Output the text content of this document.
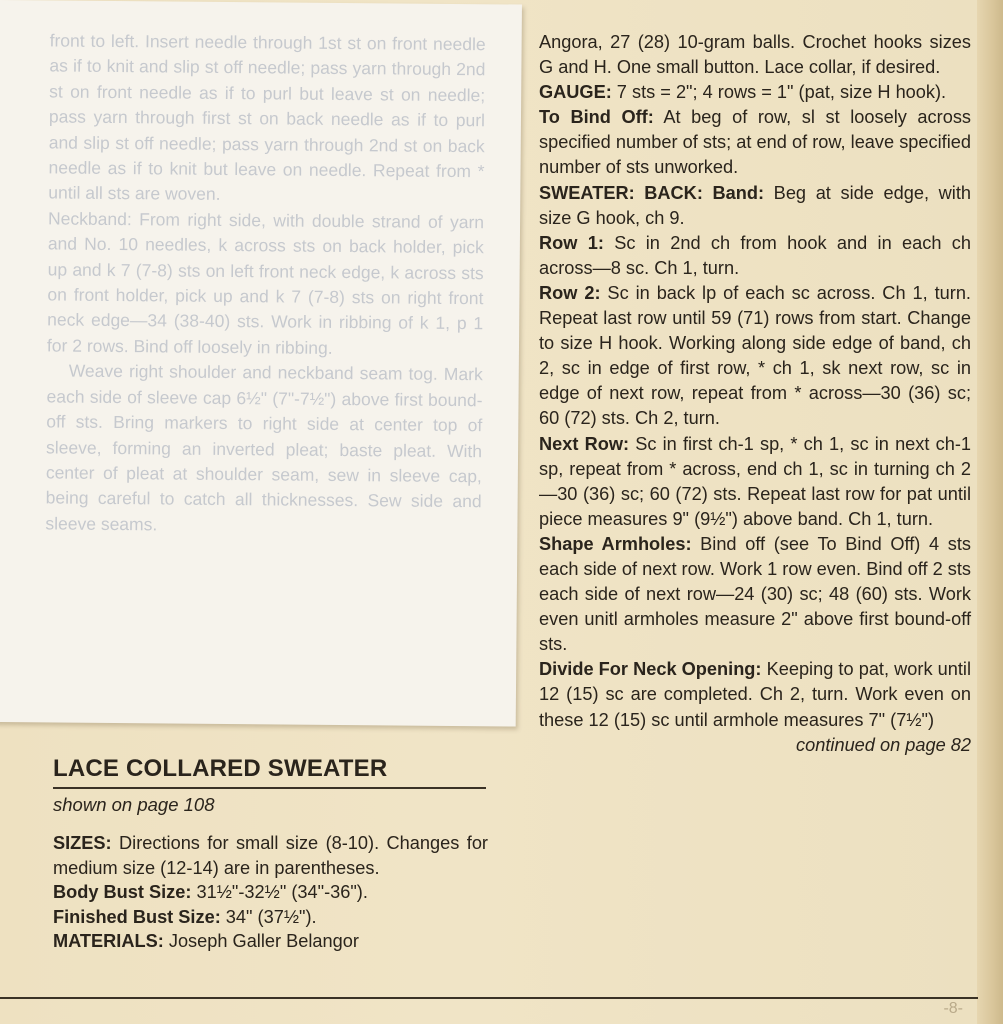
front to left. Insert needle through 1st st on front needle as if to knit and slip st off needle; pass yarn through 2nd st on front needle as if to purl but leave st on needle; pass yarn through first st on back needle as if to purl and slip st off needle; pass yarn through 2nd st on back needle as if to knit but leave on needle. Repeat from * until all sts are woven.

Neckband: From right side, with double strand of yarn and No. 10 needles, k across sts on back holder, pick up and k 7 (7-8) sts on left front neck edge, k across sts on front holder, pick up and k 7 (7-8) sts on right front neck edge—34 (38-40) sts. Work in ribbing of k 1, p 1 for 2 rows. Bind off loosely in ribbing.

Weave right shoulder and neckband seam tog. Mark each side of sleeve cap 6½" (7"-7½") above first bound-off sts. Bring markers to right side at center top of sleeve, forming an inverted pleat; baste pleat. With center of pleat at shoulder seam, sew in sleeve cap, being careful to catch all thicknesses. Sew side and sleeve seams.

LACE COLLARED SWEATER
shown on page 108

SIZES: Directions for small size (8-10). Changes for medium size (12-14) are in parentheses.

Body Bust Size: 31½"-32½" (34"-36").

Finished Bust Size: 34" (37½").

MATERIALS: Joseph Galler Belangor

Angora, 27 (28) 10-gram balls. Crochet hooks sizes G and H. One small button. Lace collar, if desired.

GAUGE: 7 sts = 2"; 4 rows = 1" (pat, size H hook).

To Bind Off: At beg of row, sl st loosely across specified number of sts; at end of row, leave specified number of sts unworked.

SWEATER: BACK: Band: Beg at side edge, with size G hook, ch 9.

Row 1: Sc in 2nd ch from hook and in each ch across—8 sc. Ch 1, turn.

Row 2: Sc in back lp of each sc across. Ch 1, turn. Repeat last row until 59 (71) rows from start. Change to size H hook. Working along side edge of band, ch 2, sc in edge of first row, * ch 1, sk next row, sc in edge of next row, repeat from * across—30 (36) sc; 60 (72) sts. Ch 2, turn.

Next Row: Sc in first ch-1 sp, * ch 1, sc in next ch-1 sp, repeat from * across, end ch 1, sc in turning ch 2—30 (36) sc; 60 (72) sts. Repeat last row for pat until piece measures 9" (9½") above band. Ch 1, turn.

Shape Armholes: Bind off (see To Bind Off) 4 sts each side of next row. Work 1 row even. Bind off 2 sts each side of next row—24 (30) sc; 48 (60) sts. Work even unitl armholes measure 2" above first bound-off sts.

Divide For Neck Opening: Keeping to pat, work until 12 (15) sc are completed. Ch 2, turn. Work even on these 12 (15) sc until armhole measures 7" (7½")

continued on page 82

-8-
